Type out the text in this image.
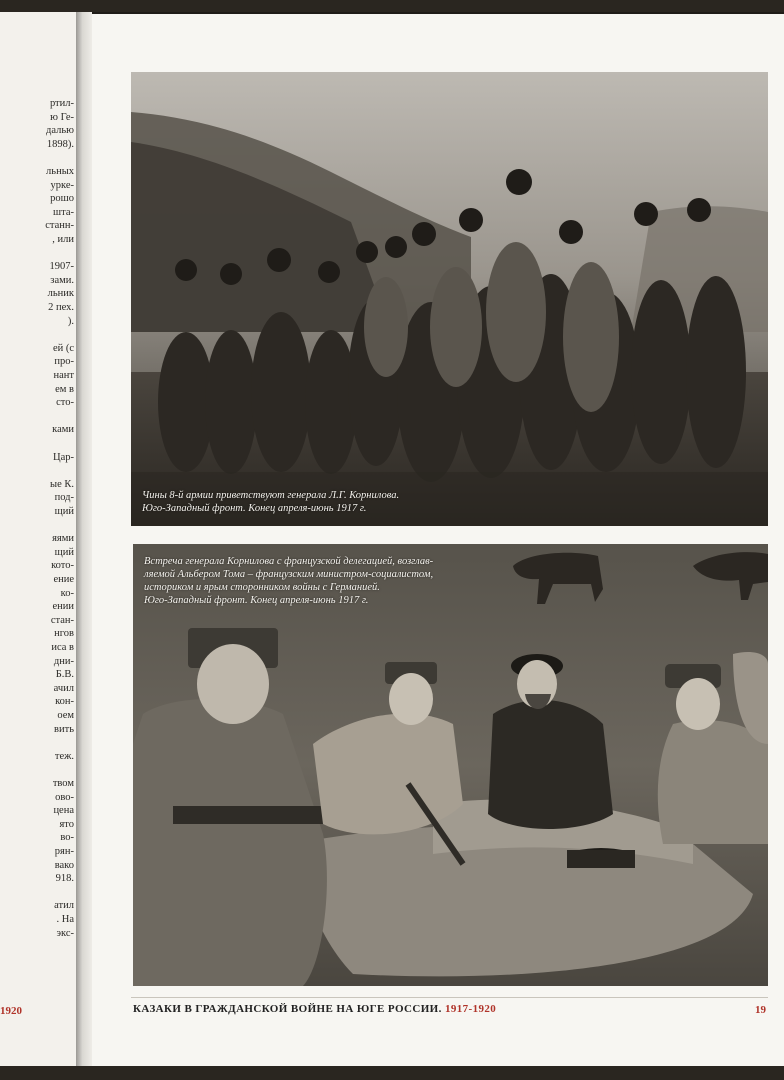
ртил-
ю Ге-
далью
1898).
льных
урке-
рошо
шта-
станн-
, или
1907-
зами.
льник
2 пех.
).
ей (с
про-
нант
ем в
сто-
ками
Цар-
ые К.
под-
щий
яями
щий
кото-
ение
ко-
ении
стан-
нгов
иса в
дни-
Б.В.
ачил
кон-
оем
вить
теж.
твом
ово-
цена
ято
во-
рян-
вако
918.
атил
. На
экс-
1920
Чины 8-й армии приветствуют генерала Л.Г. Корнилова.
Юго-Западный фронт. Конец апреля-июнь 1917 г.
Встреча генерала Корнилова с французской делегацией, возглав-
ляемой Альбером Тома – французским министром-социалистом,
историком и ярым сторонником войны с Германией.
Юго-Западный фронт. Конец апреля-июнь 1917 г.
КАЗАКИ В ГРАЖДАНСКОЙ ВОЙНЕ НА ЮГЕ РОССИИ. 1917-1920	19
